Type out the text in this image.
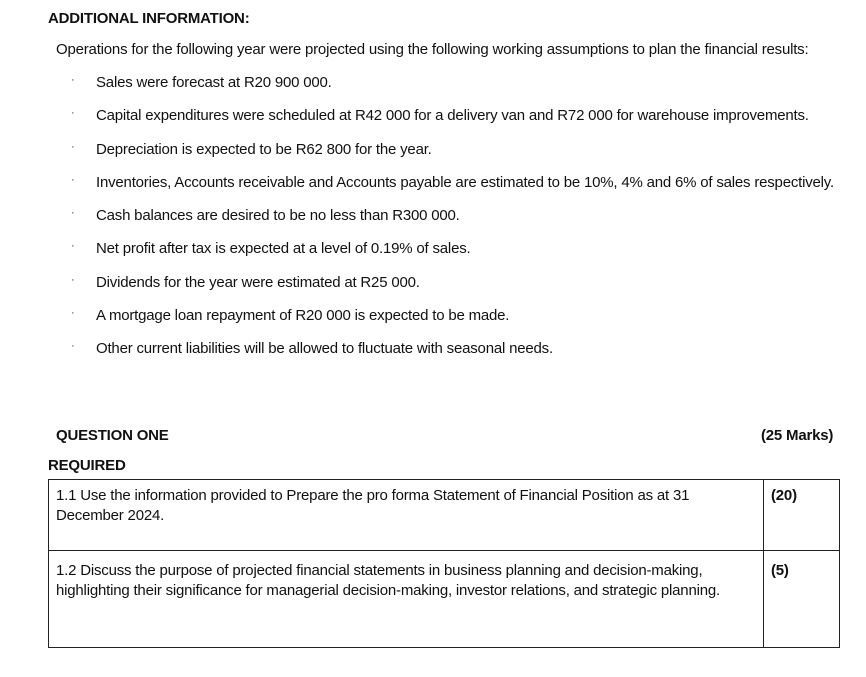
ADDITIONAL INFORMATION:
Operations for the following year were projected using the following working assumptions to plan the financial results:
· Sales were forecast at R20 900 000.
· Capital expenditures were scheduled at R42 000 for a delivery van and R72 000 for warehouse improvements.
· Depreciation is expected to be R62 800 for the year.
· Inventories, Accounts receivable and Accounts payable are estimated to be 10%, 4% and 6% of sales respectively.
· Cash balances are desired to be no less than R300 000.
· Net profit after tax is expected at a level of 0.19% of sales.
· Dividends for the year were estimated at R25 000.
· A mortgage loan repayment of R20 000 is expected to be made.
· Other current liabilities will be allowed to fluctuate with seasonal needs.
QUESTION ONE	(25 Marks)
REQUIRED
1.1 Use the information provided to Prepare the pro forma Statement of Financial Position as at 31 December 2024.	(20)
1.2 Discuss the purpose of projected financial statements in business planning and decision-making, highlighting their significance for managerial decision-making, investor relations, and strategic planning.	(5)
